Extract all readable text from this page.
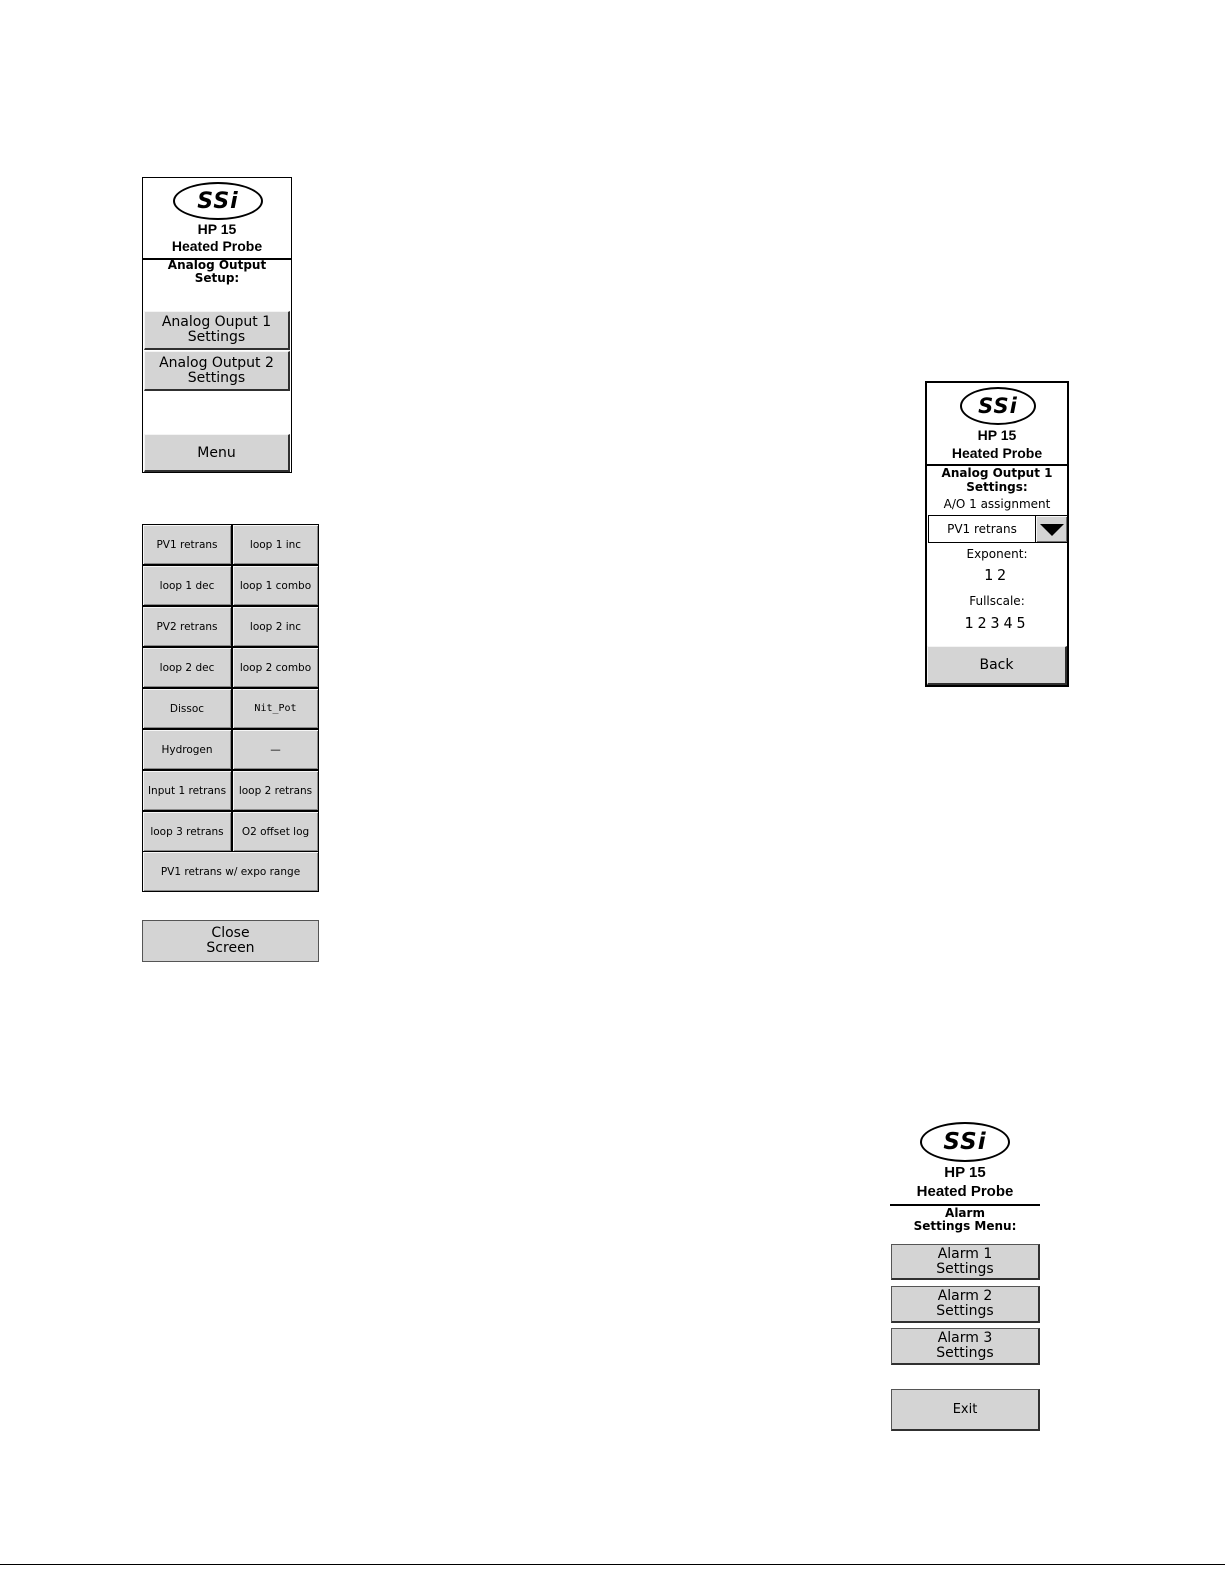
SSi
HP 15
Heated Probe
Analog Output
Setup:
Analog Ouput 1
Settings
Analog Output 2
Settings
Menu
PV1 retrans	loop 1 inc
loop 1 dec	loop 1 combo
PV2 retrans	loop 2 inc
loop 2 dec	loop 2 combo
Dissoc	Nit_Pot
Hydrogen	—
Input 1 retrans	loop 2 retrans
loop 3 retrans	O2 offset log
PV1 retrans w/ expo range
Close
Screen
SSi
HP 15
Heated Probe
Analog Output 1
Settings:
A/O 1 assignment
PV1 retrans
Exponent:
12
Fullscale:
12345
Back
SSi
HP 15
Heated Probe
Alarm
Settings Menu:
Alarm 1
Settings
Alarm 2
Settings
Alarm 3
Settings
Exit
